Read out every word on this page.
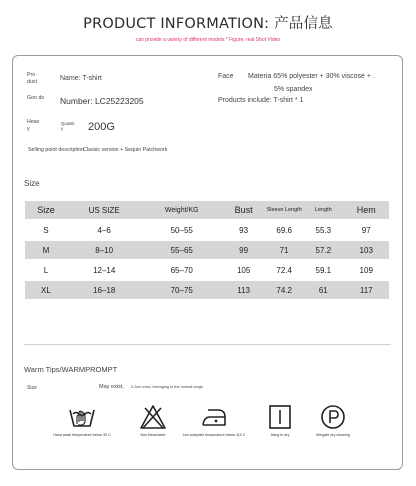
PRODUCT INFORMATION: 产品信息
can provide a variety of different models * Figure, real Shot Video
Pro duct	Name: T-shirt
Goo ds Number: LC25223205
Heav y
Quantit y	200G
Face Materia 65% polyester + 30% viscose + .
5% spandex
Products include: T-shirt * 1
Selling point description Classic version + Sequin Patchwork
Size
Size	US SIZE	Weight/KG	Bust	Sleeve Length	Length	Hem
S	4–6	50–55	93	69.6	55.3	97
M	8–10	55–65	99	71	57.2	103
L	12–14	65–70	105	72.4	59.1	109
XL	16–18	70–75	113	74.2	61	117
Warm Tips/WARMPROMPT
Size	May exist, 2-3cm error, belonging to the normal range
Hand wash temperature below 30 C	Non bleachable	Iron soleplate temperature below 110 C	Hang to dry	Mergate dry cleaning
